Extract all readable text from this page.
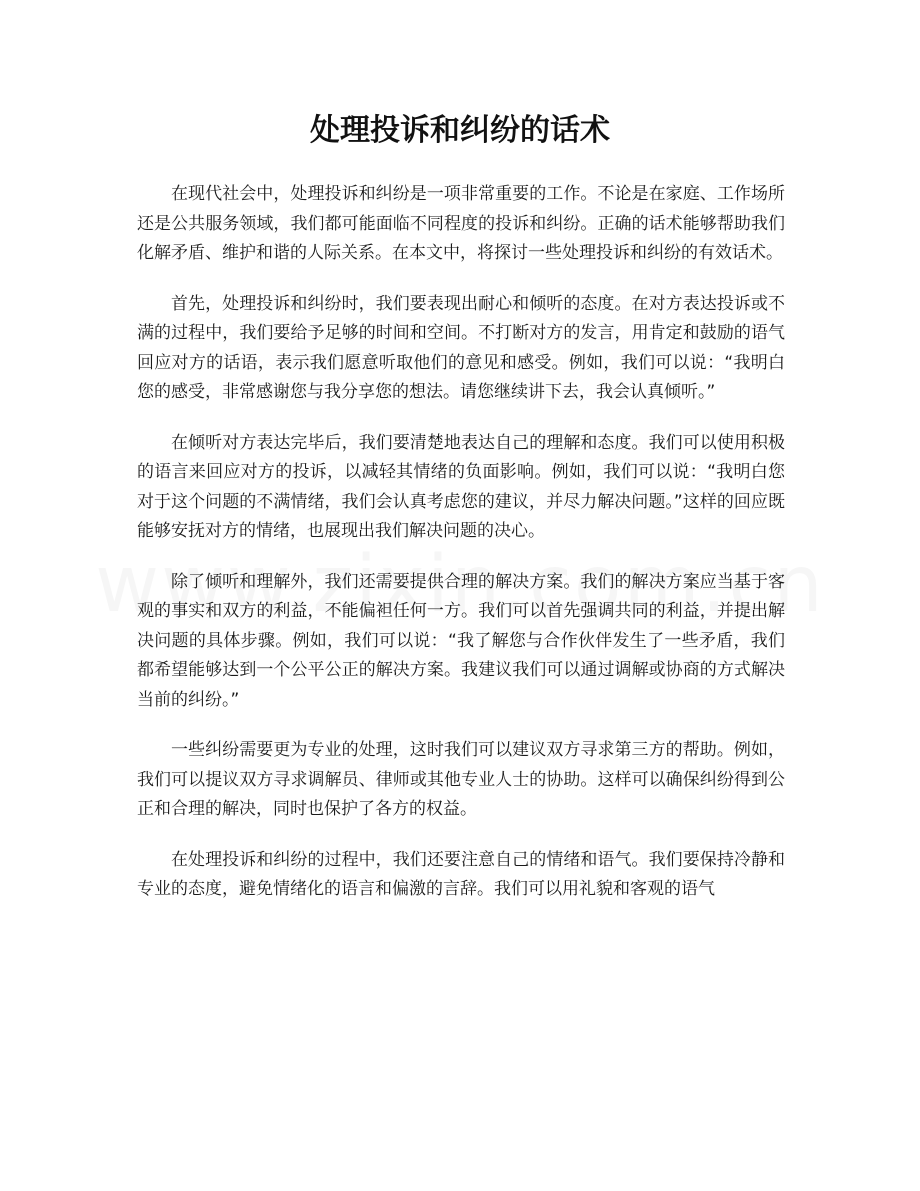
处理投诉和纠纷的话术

在现代社会中，处理投诉和纠纷是一项非常重要的工作。不论是在家庭、工作场所还是公共服务领域，我们都可能面临不同程度的投诉和纠纷。正确的话术能够帮助我们化解矛盾、维护和谐的人际关系。在本文中，将探讨一些处理投诉和纠纷的有效话术。

首先，处理投诉和纠纷时，我们要表现出耐心和倾听的态度。在对方表达投诉或不满的过程中，我们要给予足够的时间和空间。不打断对方的发言，用肯定和鼓励的语气回应对方的话语，表示我们愿意听取他们的意见和感受。例如，我们可以说：“我明白您的感受，非常感谢您与我分享您的想法。请您继续讲下去，我会认真倾听。”

在倾听对方表达完毕后，我们要清楚地表达自己的理解和态度。我们可以使用积极的语言来回应对方的投诉，以减轻其情绪的负面影响。例如，我们可以说：“我明白您对于这个问题的不满情绪，我们会认真考虑您的建议，并尽力解决问题。”这样的回应既能够安抚对方的情绪，也展现出我们解决问题的决心。

除了倾听和理解外，我们还需要提供合理的解决方案。我们的解决方案应当基于客观的事实和双方的利益，不能偏袒任何一方。我们可以首先强调共同的利益，并提出解决问题的具体步骤。例如，我们可以说：“我了解您与合作伙伴发生了一些矛盾，我们都希望能够达到一个公平公正的解决方案。我建议我们可以通过调解或协商的方式解决当前的纠纷。”

一些纠纷需要更为专业的处理，这时我们可以建议双方寻求第三方的帮助。例如，我们可以提议双方寻求调解员、律师或其他专业人士的协助。这样可以确保纠纷得到公正和合理的解决，同时也保护了各方的权益。

在处理投诉和纠纷的过程中，我们还要注意自己的情绪和语气。我们要保持冷静和专业的态度，避免情绪化的语言和偏激的言辞。我们可以用礼貌和客观的语气
